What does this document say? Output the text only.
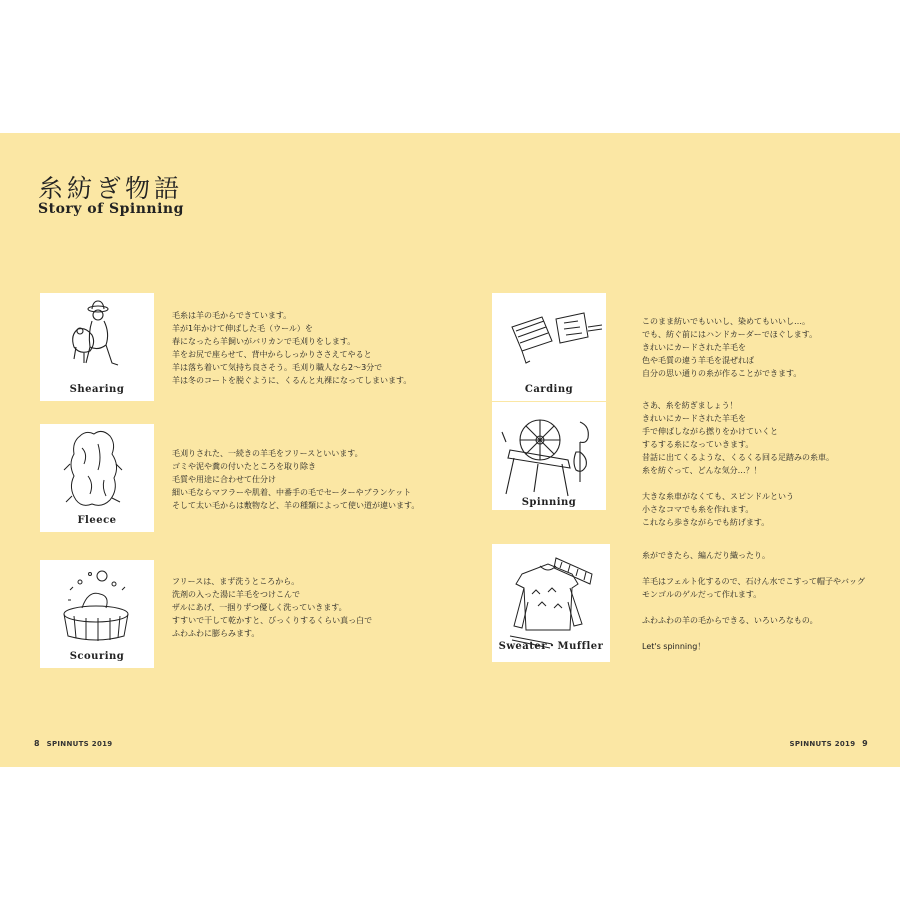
糸紡ぎ物語
Story of Spinning
Shearing
毛糸は羊の毛からできています。
羊が1年かけて伸ばした毛（ウール）を
春になったら羊飼いがバリカンで毛刈りをします。
羊をお尻で座らせて、背中からしっかりささえてやると
羊は落ち着いて気持ち良さそう。毛刈り職人なら2〜3分で
羊は冬のコートを脱ぐように、くるんと丸裸になってしまいます。
Fleece
毛刈りされた、一続きの羊毛をフリースといいます。
ゴミや泥や糞の付いたところを取り除き
毛質や用途に合わせて仕分け
細い毛ならマフラーや肌着、中番手の毛でセーターやブランケット
そして太い毛からは敷物など、羊の種類によって使い道が違います。
Scouring
フリースは、まず洗うところから。
洗剤の入った湯に羊毛をつけこんで
ザルにあげ、一掴りずつ優しく洗っていきます。
すすいで干して乾かすと、びっくりするくらい真っ白で
ふわふわに膨らみます。
Carding
このまま紡いでもいいし、染めてもいいし…。
でも、紡ぐ前にはハンドカーダーでほぐします。
きれいにカードされた羊毛を
色や毛質の違う羊毛を混ぜれば
自分の思い通りの糸が作ることができます。
Spinning
さあ、糸を紡ぎましょう！
きれいにカードされた羊毛を
手で伸ばしながら撚りをかけていくと
するする糸になっていきます。
昔話に出てくるような、くるくる回る足踏みの糸車。
糸を紡ぐって、どんな気分…？！
大きな糸車がなくても、スピンドルという
小さなコマでも糸を作れます。
これなら歩きながらでも紡げます。
Sweater・Muffler
糸ができたら、編んだり織ったり。
羊毛はフェルト化するので、石けん水でこすって帽子やバッグ
モンゴルのゲルだって作れます。
ふわふわの羊の毛からできる、いろいろなもの。
Let's spinning！
8 SPINNUTS 2019	SPINNUTS 2019 9
